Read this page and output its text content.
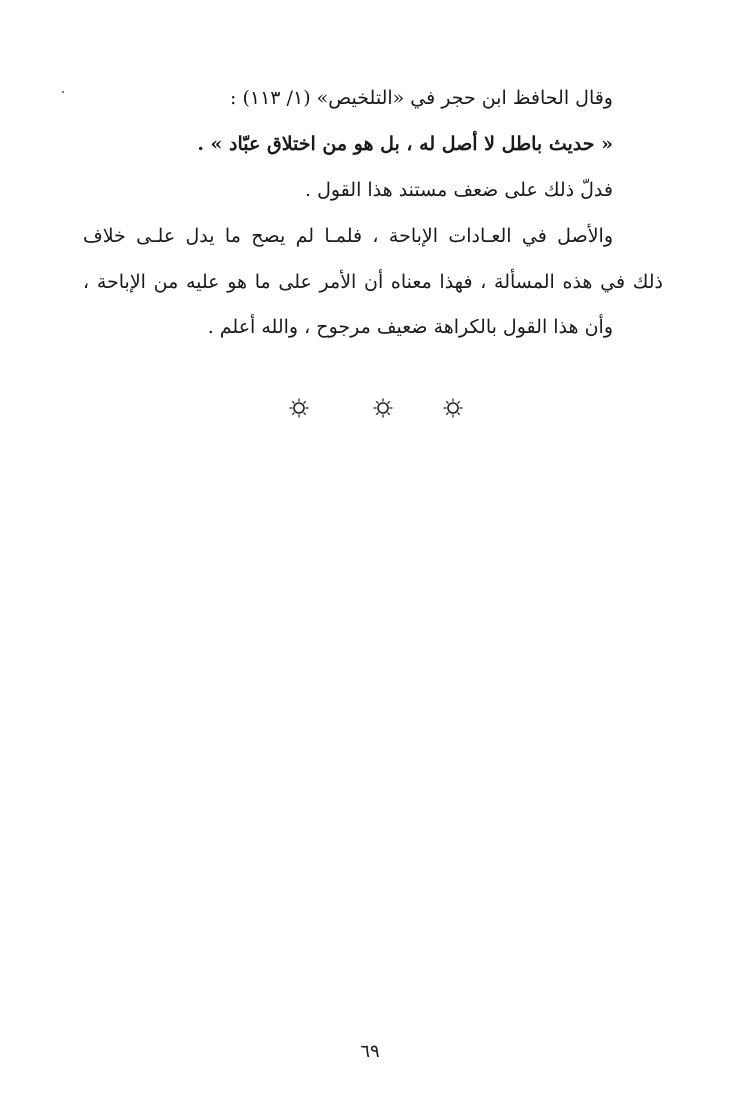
وقال الحافظ ابن حجر في «التلخيص» (١/ ١١٣) :
« حديث باطل لا أصل له ، بل هو من اختلاق عبّاد » .
فدلّ ذلك على ضعف مستند هذا القول .
والأصل في العـادات الإباحة ، فلمـا لم يصح ما يدل علـى خلاف
ذلك في هذه المسألة ، فهذا معناه أن الأمر على ما هو عليه من الإباحة ،
وأن هذا القول بالكراهة ضعيف مرجوح ، والله أعلم .
٦٩
